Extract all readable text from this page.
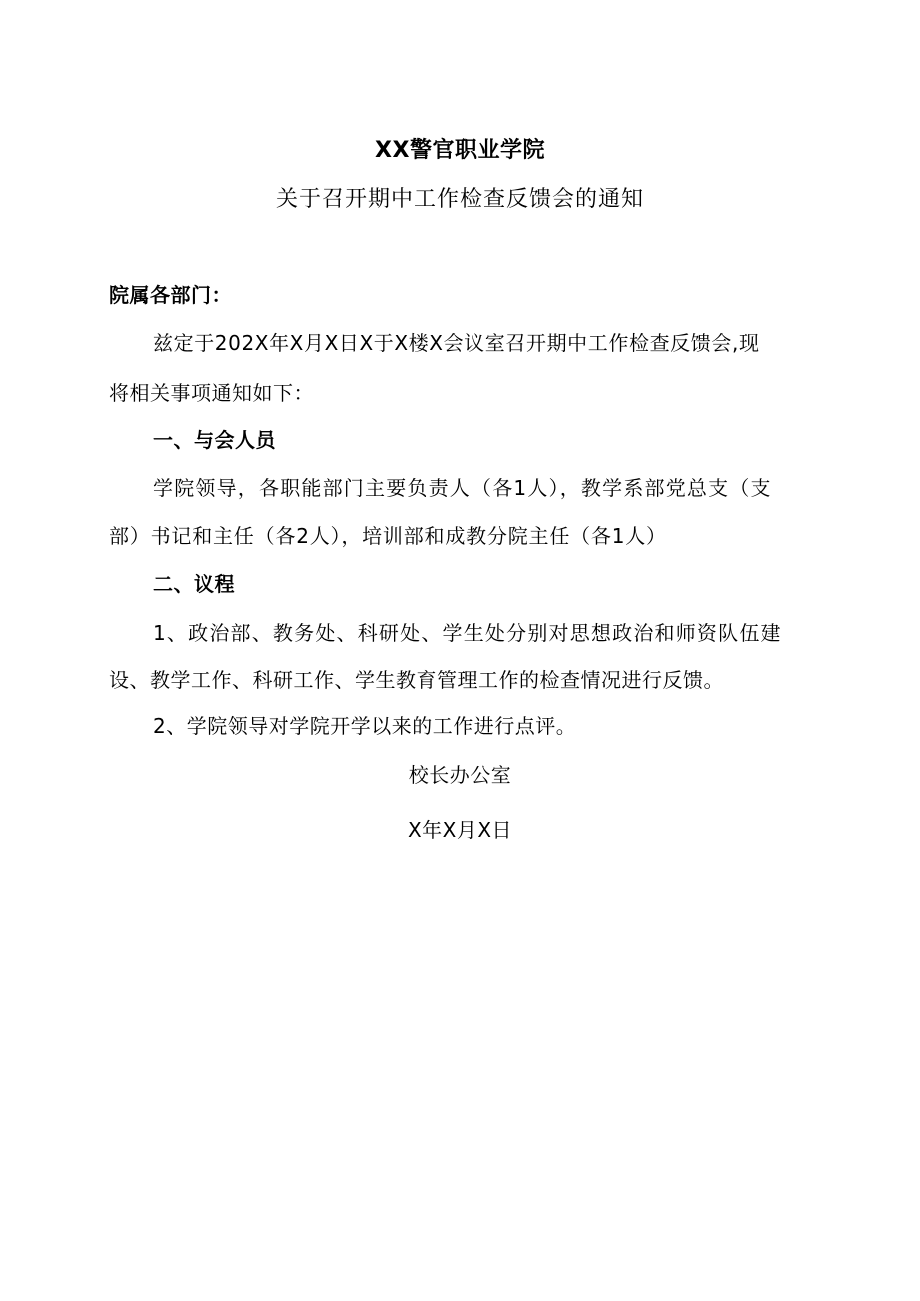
XX警官职业学院
关于召开期中工作检查反馈会的通知
院属各部门：
兹定于202X年X月X日X于X楼X会议室召开期中工作检查反馈会,现
将相关事项通知如下：
一、与会人员
学院领导，各职能部门主要负责人（各1人），教学系部党总支（支
部）书记和主任（各2人），培训部和成教分院主任（各1人）
二、议程
1、政治部、教务处、科研处、学生处分别对思想政治和师资队伍建
设、教学工作、科研工作、学生教育管理工作的检查情况进行反馈。
2、学院领导对学院开学以来的工作进行点评。
校长办公室
X年X月X日
